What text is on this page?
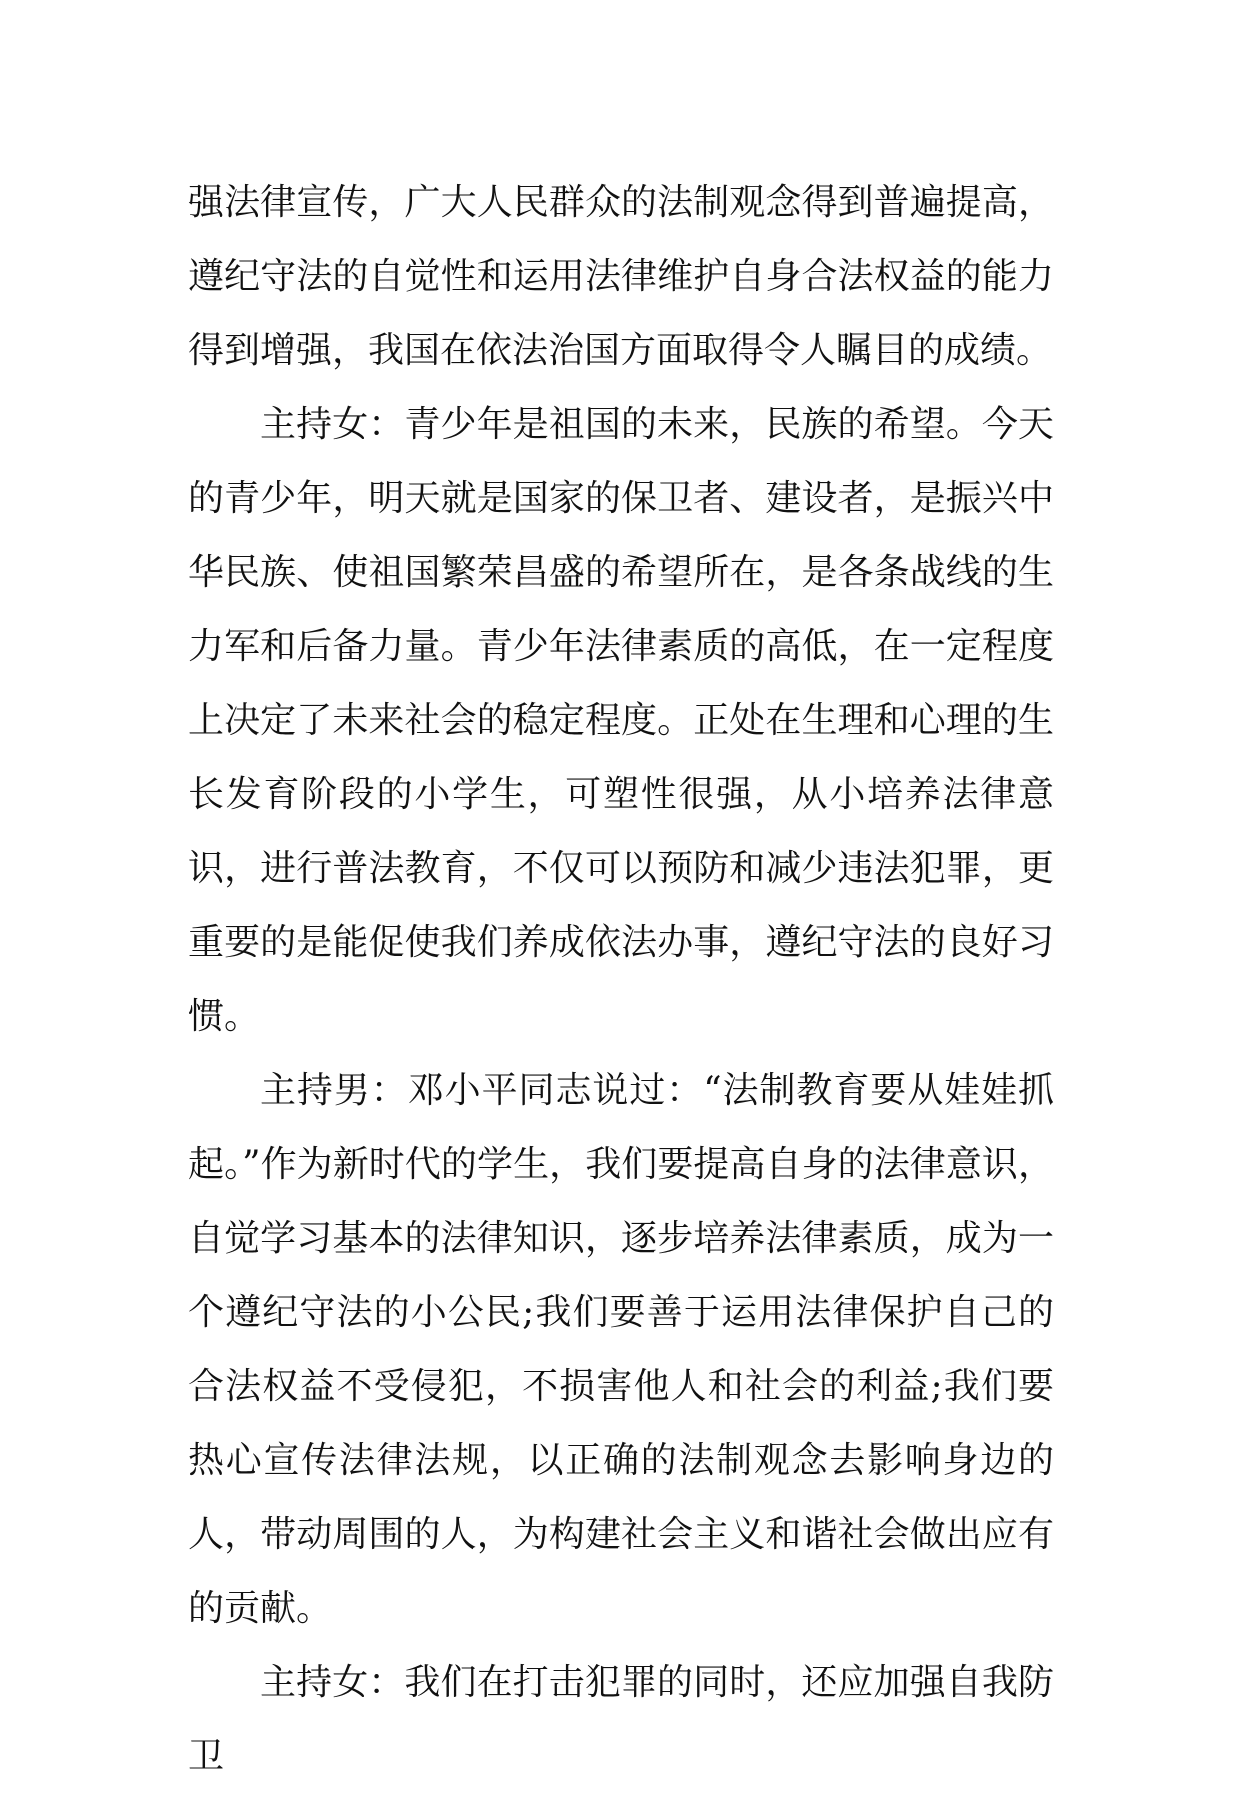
强法律宣传，广大人民群众的法制观念得到普遍提高，遵纪守法的自觉性和运用法律维护自身合法权益的能力得到增强，我国在依法治国方面取得令人瞩目的成绩。

主持女：青少年是祖国的未来，民族的希望。今天的青少年，明天就是国家的保卫者、建设者，是振兴中华民族、使祖国繁荣昌盛的希望所在，是各条战线的生力军和后备力量。青少年法律素质的高低，在一定程度上决定了未来社会的稳定程度。正处在生理和心理的生长发育阶段的小学生，可塑性很强，从小培养法律意识，进行普法教育，不仅可以预防和减少违法犯罪，更重要的是能促使我们养成依法办事，遵纪守法的良好习惯。

主持男：邓小平同志说过：“法制教育要从娃娃抓起。”作为新时代的学生，我们要提高自身的法律意识，自觉学习基本的法律知识，逐步培养法律素质，成为一个遵纪守法的小公民;我们要善于运用法律保护自己的合法权益不受侵犯，不损害他人和社会的利益;我们要热心宣传法律法规，以正确的法制观念去影响身边的人，带动周围的人，为构建社会主义和谐社会做出应有的贡献。

主持女：我们在打击犯罪的同时，还应加强自我防卫
